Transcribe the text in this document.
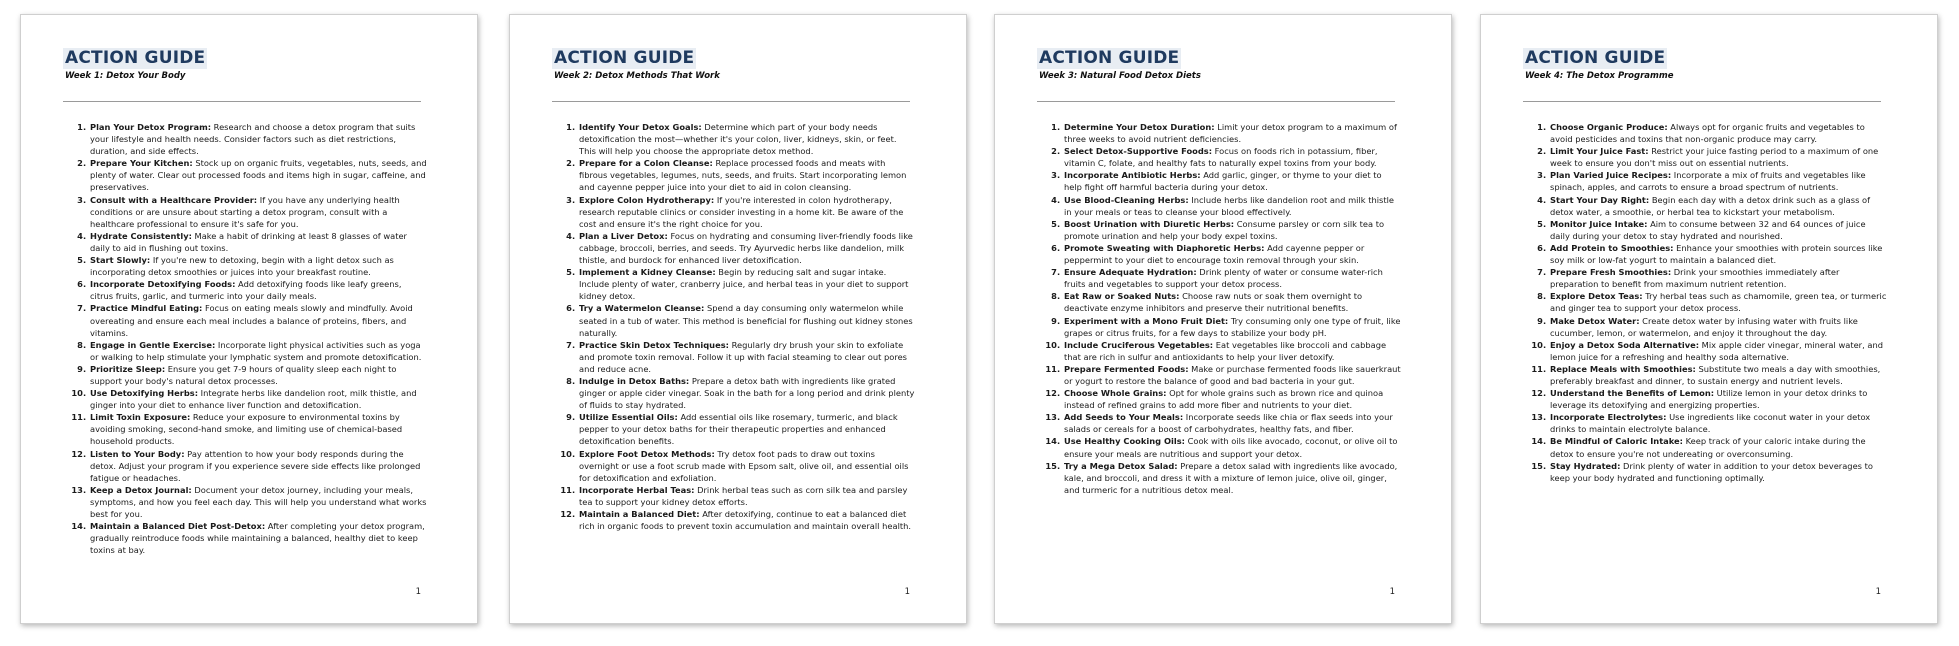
ACTION GUIDE
Week 1: Detox Your Body
1. Plan Your Detox Program: Research and choose a detox program that suits your lifestyle and health needs. Consider factors such as diet restrictions, duration, and side effects.
2. Prepare Your Kitchen: Stock up on organic fruits, vegetables, nuts, seeds, and plenty of water. Clear out processed foods and items high in sugar, caffeine, and preservatives.
3. Consult with a Healthcare Provider: If you have any underlying health conditions or are unsure about starting a detox program, consult with a healthcare professional to ensure it's safe for you.
4. Hydrate Consistently: Make a habit of drinking at least 8 glasses of water daily to aid in flushing out toxins.
5. Start Slowly: If you're new to detoxing, begin with a light detox such as incorporating detox smoothies or juices into your breakfast routine.
6. Incorporate Detoxifying Foods: Add detoxifying foods like leafy greens, citrus fruits, garlic, and turmeric into your daily meals.
7. Practice Mindful Eating: Focus on eating meals slowly and mindfully. Avoid overeating and ensure each meal includes a balance of proteins, fibers, and vitamins.
8. Engage in Gentle Exercise: Incorporate light physical activities such as yoga or walking to help stimulate your lymphatic system and promote detoxification.
9. Prioritize Sleep: Ensure you get 7-9 hours of quality sleep each night to support your body's natural detox processes.
10. Use Detoxifying Herbs: Integrate herbs like dandelion root, milk thistle, and ginger into your diet to enhance liver function and detoxification.
11. Limit Toxin Exposure: Reduce your exposure to environmental toxins by avoiding smoking, second-hand smoke, and limiting use of chemical-based household products.
12. Listen to Your Body: Pay attention to how your body responds during the detox. Adjust your program if you experience severe side effects like prolonged fatigue or headaches.
13. Keep a Detox Journal: Document your detox journey, including your meals, symptoms, and how you feel each day. This will help you understand what works best for you.
14. Maintain a Balanced Diet Post-Detox: After completing your detox program, gradually reintroduce foods while maintaining a balanced, healthy diet to keep toxins at bay.
1
ACTION GUIDE
Week 2: Detox Methods That Work
1. Identify Your Detox Goals: Determine which part of your body needs detoxification the most—whether it's your colon, liver, kidneys, skin, or feet. This will help you choose the appropriate detox method.
2. Prepare for a Colon Cleanse: Replace processed foods and meats with fibrous vegetables, legumes, nuts, seeds, and fruits. Start incorporating lemon and cayenne pepper juice into your diet to aid in colon cleansing.
3. Explore Colon Hydrotherapy: If you're interested in colon hydrotherapy, research reputable clinics or consider investing in a home kit. Be aware of the cost and ensure it's the right choice for you.
4. Plan a Liver Detox: Focus on hydrating and consuming liver-friendly foods like cabbage, broccoli, berries, and seeds. Try Ayurvedic herbs like dandelion, milk thistle, and burdock for enhanced liver detoxification.
5. Implement a Kidney Cleanse: Begin by reducing salt and sugar intake. Include plenty of water, cranberry juice, and herbal teas in your diet to support kidney detox.
6. Try a Watermelon Cleanse: Spend a day consuming only watermelon while seated in a tub of water. This method is beneficial for flushing out kidney stones naturally.
7. Practice Skin Detox Techniques: Regularly dry brush your skin to exfoliate and promote toxin removal. Follow it up with facial steaming to clear out pores and reduce acne.
8. Indulge in Detox Baths: Prepare a detox bath with ingredients like grated ginger or apple cider vinegar. Soak in the bath for a long period and drink plenty of fluids to stay hydrated.
9. Utilize Essential Oils: Add essential oils like rosemary, turmeric, and black pepper to your detox baths for their therapeutic properties and enhanced detoxification benefits.
10. Explore Foot Detox Methods: Try detox foot pads to draw out toxins overnight or use a foot scrub made with Epsom salt, olive oil, and essential oils for detoxification and exfoliation.
11. Incorporate Herbal Teas: Drink herbal teas such as corn silk tea and parsley tea to support your kidney detox efforts.
12. Maintain a Balanced Diet: After detoxifying, continue to eat a balanced diet rich in organic foods to prevent toxin accumulation and maintain overall health.
1
ACTION GUIDE
Week 3: Natural Food Detox Diets
1. Determine Your Detox Duration: Limit your detox program to a maximum of three weeks to avoid nutrient deficiencies.
2. Select Detox-Supportive Foods: Focus on foods rich in potassium, fiber, vitamin C, folate, and healthy fats to naturally expel toxins from your body.
3. Incorporate Antibiotic Herbs: Add garlic, ginger, or thyme to your diet to help fight off harmful bacteria during your detox.
4. Use Blood-Cleaning Herbs: Include herbs like dandelion root and milk thistle in your meals or teas to cleanse your blood effectively.
5. Boost Urination with Diuretic Herbs: Consume parsley or corn silk tea to promote urination and help your body expel toxins.
6. Promote Sweating with Diaphoretic Herbs: Add cayenne pepper or peppermint to your diet to encourage toxin removal through your skin.
7. Ensure Adequate Hydration: Drink plenty of water or consume water-rich fruits and vegetables to support your detox process.
8. Eat Raw or Soaked Nuts: Choose raw nuts or soak them overnight to deactivate enzyme inhibitors and preserve their nutritional benefits.
9. Experiment with a Mono Fruit Diet: Try consuming only one type of fruit, like grapes or citrus fruits, for a few days to stabilize your body pH.
10. Include Cruciferous Vegetables: Eat vegetables like broccoli and cabbage that are rich in sulfur and antioxidants to help your liver detoxify.
11. Prepare Fermented Foods: Make or purchase fermented foods like sauerkraut or yogurt to restore the balance of good and bad bacteria in your gut.
12. Choose Whole Grains: Opt for whole grains such as brown rice and quinoa instead of refined grains to add more fiber and nutrients to your diet.
13. Add Seeds to Your Meals: Incorporate seeds like chia or flax seeds into your salads or cereals for a boost of carbohydrates, healthy fats, and fiber.
14. Use Healthy Cooking Oils: Cook with oils like avocado, coconut, or olive oil to ensure your meals are nutritious and support your detox.
15. Try a Mega Detox Salad: Prepare a detox salad with ingredients like avocado, kale, and broccoli, and dress it with a mixture of lemon juice, olive oil, ginger, and turmeric for a nutritious detox meal.
1
ACTION GUIDE
Week 4: The Detox Programme
1. Choose Organic Produce: Always opt for organic fruits and vegetables to avoid pesticides and toxins that non-organic produce may carry.
2. Limit Your Juice Fast: Restrict your juice fasting period to a maximum of one week to ensure you don't miss out on essential nutrients.
3. Plan Varied Juice Recipes: Incorporate a mix of fruits and vegetables like spinach, apples, and carrots to ensure a broad spectrum of nutrients.
4. Start Your Day Right: Begin each day with a detox drink such as a glass of detox water, a smoothie, or herbal tea to kickstart your metabolism.
5. Monitor Juice Intake: Aim to consume between 32 and 64 ounces of juice daily during your detox to stay hydrated and nourished.
6. Add Protein to Smoothies: Enhance your smoothies with protein sources like soy milk or low-fat yogurt to maintain a balanced diet.
7. Prepare Fresh Smoothies: Drink your smoothies immediately after preparation to benefit from maximum nutrient retention.
8. Explore Detox Teas: Try herbal teas such as chamomile, green tea, or turmeric and ginger tea to support your detox process.
9. Make Detox Water: Create detox water by infusing water with fruits like cucumber, lemon, or watermelon, and enjoy it throughout the day.
10. Enjoy a Detox Soda Alternative: Mix apple cider vinegar, mineral water, and lemon juice for a refreshing and healthy soda alternative.
11. Replace Meals with Smoothies: Substitute two meals a day with smoothies, preferably breakfast and dinner, to sustain energy and nutrient levels.
12. Understand the Benefits of Lemon: Utilize lemon in your detox drinks to leverage its detoxifying and energizing properties.
13. Incorporate Electrolytes: Use ingredients like coconut water in your detox drinks to maintain electrolyte balance.
14. Be Mindful of Caloric Intake: Keep track of your caloric intake during the detox to ensure you're not undereating or overconsuming.
15. Stay Hydrated: Drink plenty of water in addition to your detox beverages to keep your body hydrated and functioning optimally.
1
